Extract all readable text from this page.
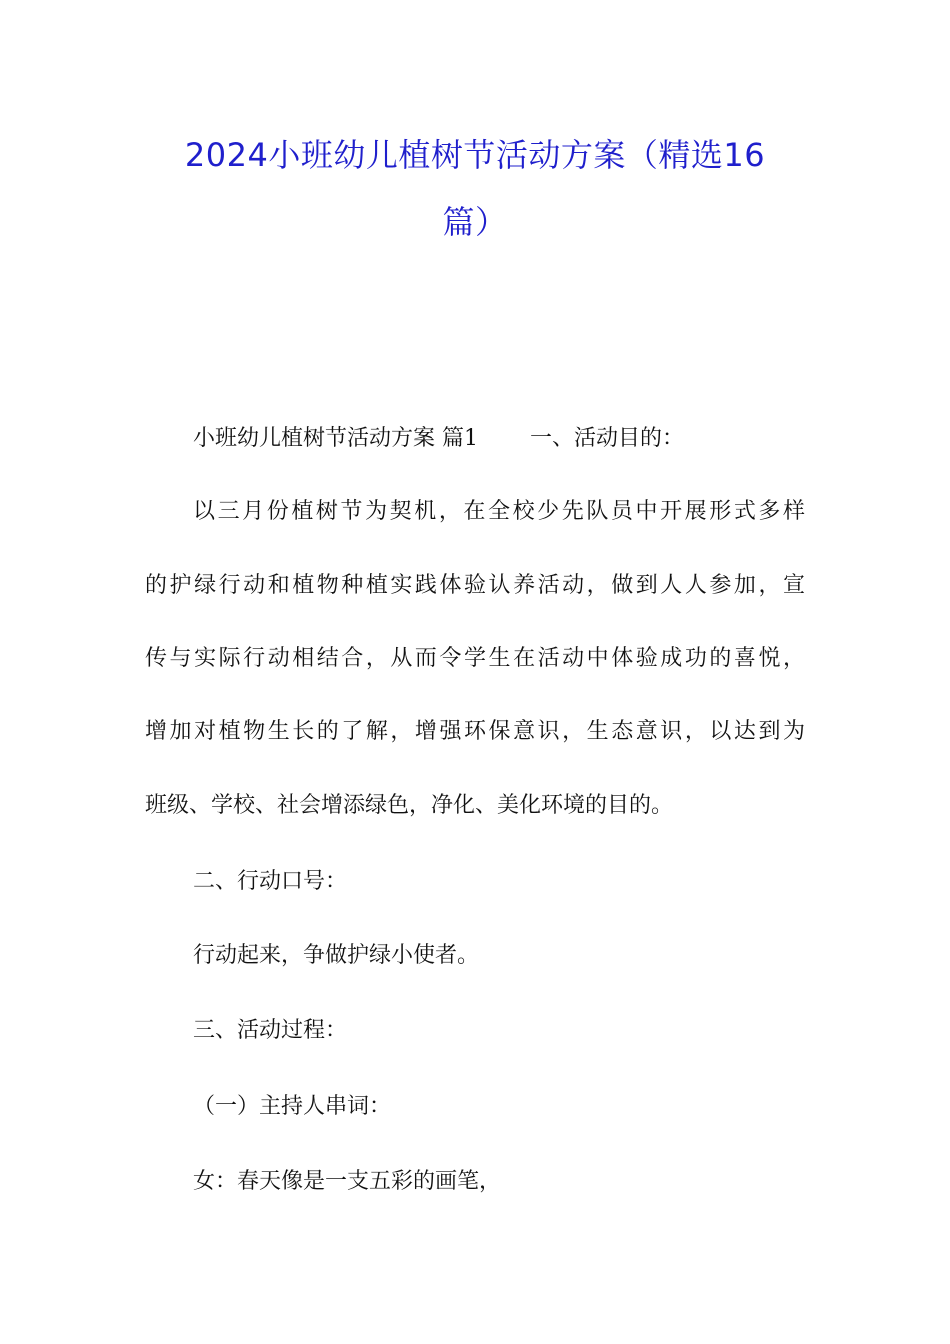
2024小班幼儿植树节活动方案（精选16
篇）
小班幼儿植树节活动方案 篇1 一、活动目的：
以三月份植树节为契机，在全校少先队员中开展形式多样
的护绿行动和植物种植实践体验认养活动，做到人人参加，宣
传与实际行动相结合，从而令学生在活动中体验成功的喜悦，
增加对植物生长的了解，增强环保意识，生态意识，以达到为
班级、学校、社会增添绿色，净化、美化环境的目的。
二、行动口号：
行动起来，争做护绿小使者。
三、活动过程：
（一）主持人串词：
女：春天像是一支五彩的画笔，
